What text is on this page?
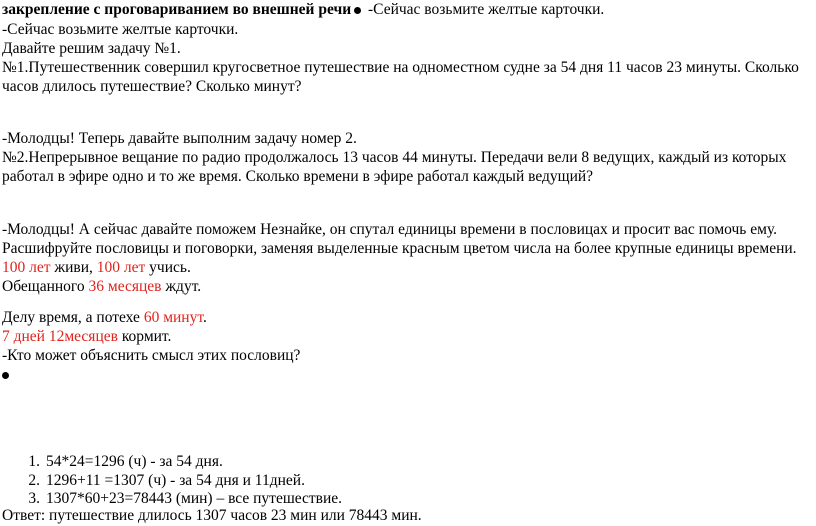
закрепление с проговариванием во внешней речи -Сейчас возьмите желтые карточки.
-Сейчас возьмите желтые карточки.
Давайте решим задачу №1.
№1.Путешественник совершил кругосветное путешествие на одноместном судне за 54 дня 11 часов 23 минуты. Сколько
часов длилось путешествие? Сколько минут?
-Молодцы! Теперь давайте выполним задачу номер 2.
№2.Непрерывное вещание по радио продолжалось 13 часов 44 минуты. Передачи вели 8 ведущих, каждый из которых
работал в эфире одно и то же время. Сколько времени в эфире работал каждый ведущий?
-Молодцы! А сейчас давайте поможем Незнайке, он спутал единицы времени в пословицах и просит вас помочь ему.
Расшифруйте пословицы и поговорки, заменяя выделенные красным цветом числа на более крупные единицы времени.
100 лет живи, 100 лет учись.
Обещанного 36 месяцев ждут.
Делу время, а потехе 60 минут.
7 дней 12месяцев кормит.
-Кто может объяснить смысл этих пословиц?
1. 54*24=1296 (ч) - за 54 дня.
2. 1296+11 =1307 (ч) - за 54 дня и 11дней.
3. 1307*60+23=78443 (мин) – все путешествие.
Ответ: путешествие длилось 1307 часов 23 мин или 78443 мин.
